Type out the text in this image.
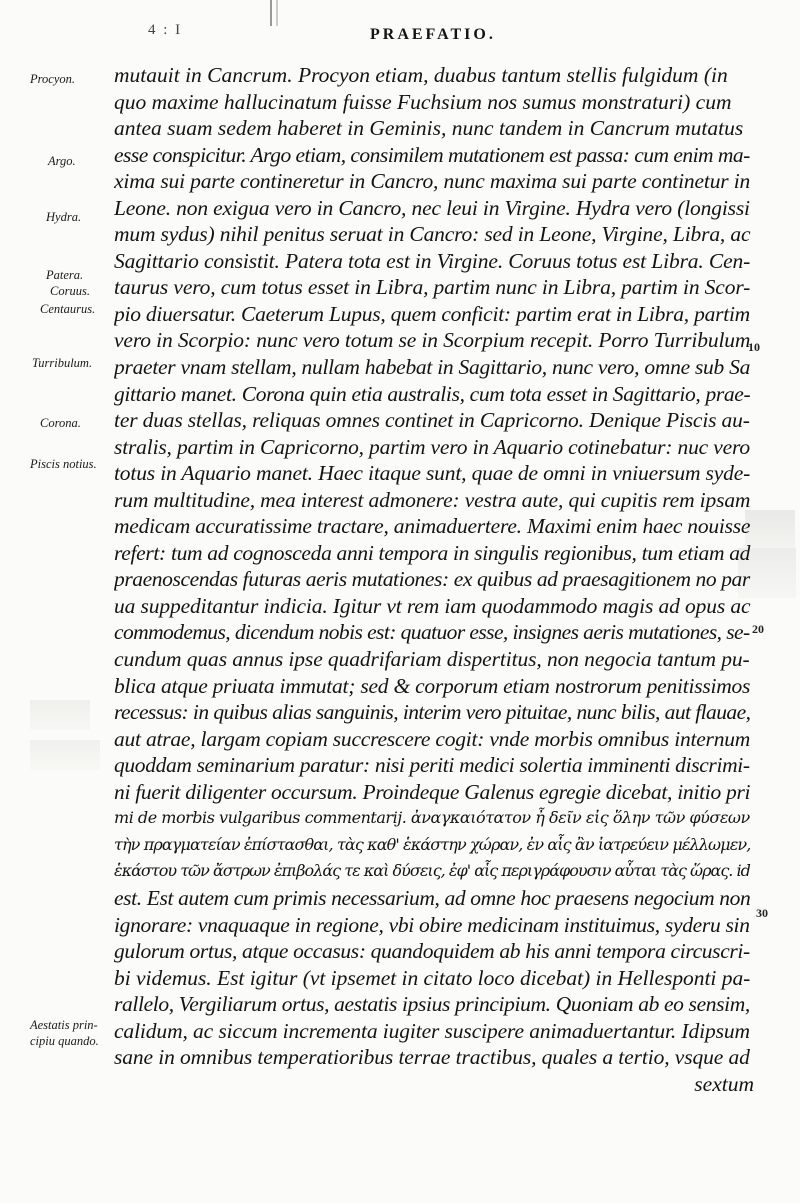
4 : I	PRAEFATIO.
Procyon.
Argo.
Hydra.
Patera.
Coruus.
Centaurus.
Turribulum.
Corona.
Piscis notius.
Aestatis prin-
cipiu quando.
10
20
30
mutauit in Cancrum. Procyon etiam, duabus tantum stellis fulgidum (in
quo maxime hallucinatum fuisse Fuchsium nos sumus monstraturi) cum
antea suam sedem haberet in Geminis, nunc tandem in Cancrum mutatus
esse conspicitur. Argo etiam, consimilem mutationem est passa: cum enim ma-
xima sui parte contineretur in Cancro, nunc maxima sui parte continetur in
Leone. non exigua vero in Cancro, nec leui in Virgine. Hydra vero (longissi
mum sydus) nihil penitus seruat in Cancro: sed in Leone, Virgine, Libra, ac
Sagittario consistit. Patera tota est in Virgine. Coruus totus est Libra. Cen-
taurus vero, cum totus esset in Libra, partim nunc in Libra, partim in Scor-
pio diuersatur. Caeterum Lupus, quem conficit: partim erat in Libra, partim
vero in Scorpio: nunc vero totum se in Scorpium recepit. Porro Turribulum
praeter vnam stellam, nullam habebat in Sagittario, nunc vero, omne sub Sa
gittario manet. Corona quin etia australis, cum tota esset in Sagittario, prae-
ter duas stellas, reliquas omnes continet in Capricorno. Denique Piscis au-
stralis, partim in Capricorno, partim vero in Aquario cotinebatur: nuc vero
totus in Aquario manet. Haec itaque sunt, quae de omni in vniuersum syde-
rum multitudine, mea interest admonere: vestra aute, qui cupitis rem ipsam
medicam accuratissime tractare, animaduertere. Maximi enim haec nouisse
refert: tum ad cognosceda anni tempora in singulis regionibus, tum etiam ad
praenoscendas futuras aeris mutationes: ex quibus ad praesagitionem no par
ua suppeditantur indicia. Igitur vt rem iam quodammodo magis ad opus ac
commodemus, dicendum nobis est: quatuor esse, insignes aeris mutationes, se-
cundum quas annus ipse quadrifariam dispertitus, non negocia tantum pu-
blica atque priuata immutat; sed & corporum etiam nostrorum penitissimos
recessus: in quibus alias sanguinis, interim vero pituitae, nunc bilis, aut flauae,
aut atrae, largam copiam succrescere cogit: vnde morbis omnibus internum
quoddam seminarium paratur: nisi periti medici solertia imminenti discrimi-
ni fuerit diligenter occursum. Proindeque Galenus egregie dicebat, initio pri
mi de morbis vulgaribus commentarij. ἀναγκαιότατον ἦ δεῖν εἰς ὅλην τῶν φύσεων
τὴν πραγματείαν ἐπίστασθαι, τὰς καθ' ἑκάστην χώραν, ἐν αἷς ἂν ἰατρεύειν μέλλωμεν,
ἑκάστου τῶν ἄστρων ἐπιβολάς τε καὶ δύσεις, ἐφ' αἷς περιγράφουσιν αὗται τὰς ὥρας. id
est. Est autem cum primis necessarium, ad omne hoc praesens negocium non
ignorare: vnaquaque in regione, vbi obire medicinam instituimus, syderu sin
gulorum ortus, atque occasus: quandoquidem ab his anni tempora circuscri-
bi videmus. Est igitur (vt ipsemet in citato loco dicebat) in Hellesponti pa-
rallelo, Vergiliarum ortus, aestatis ipsius principium. Quoniam ab eo sensim,
calidum, ac siccum incrementa iugiter suscipere animaduertantur. Idipsum
sane in omnibus temperatioribus terrae tractibus, quales a tertio, vsque ad
sextum
